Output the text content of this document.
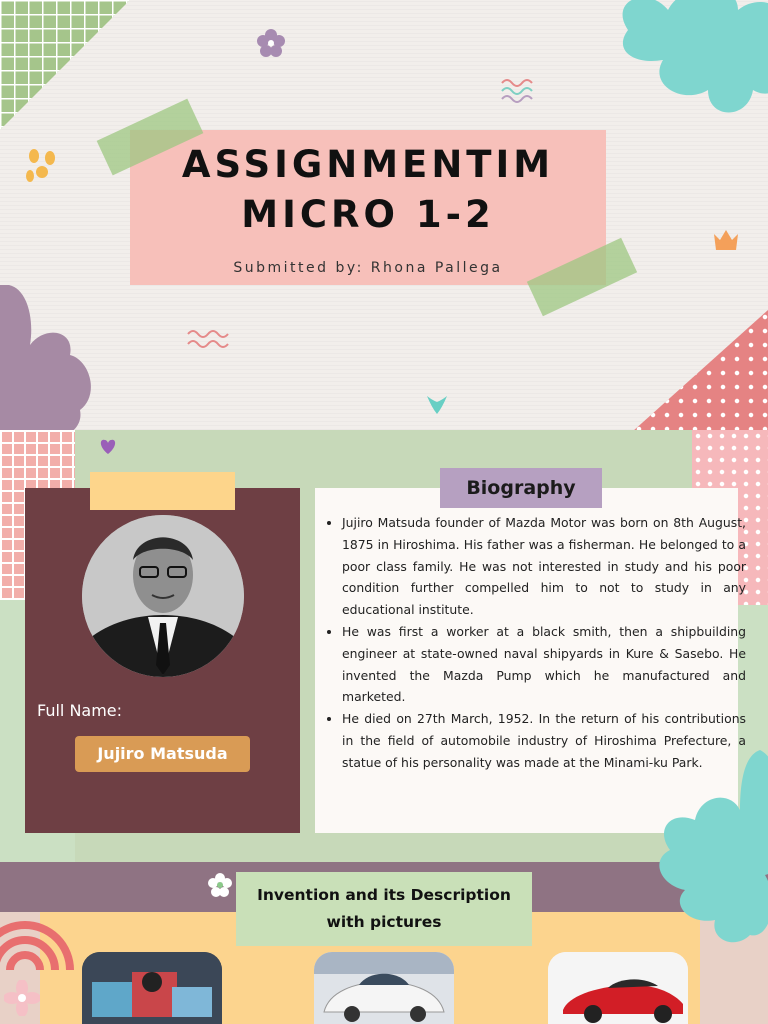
ASSIGNMENTIM
MICRO 1-2
Submitted by: Rhona Pallega
Full Name:
Jujiro Matsuda
Biography
• Jujiro Matsuda founder of Mazda Motor was born on 8th August, 1875 in Hiroshima. His father was a fisherman. He belonged to a poor class family. He was not interested in study and his poor condition further compelled him to not to study in any educational institute.
• He was first a worker at a black smith, then a shipbuilding engineer at state-owned naval shipyards in Kure & Sasebo. He invented the Mazda Pump which he manufactured and marketed.
• He died on 27th March, 1952. In the return of his contributions in the field of automobile industry of Hiroshima Prefecture, a statue of his personality was made at the Minami-ku Park.
Invention and its Description
with pictures
